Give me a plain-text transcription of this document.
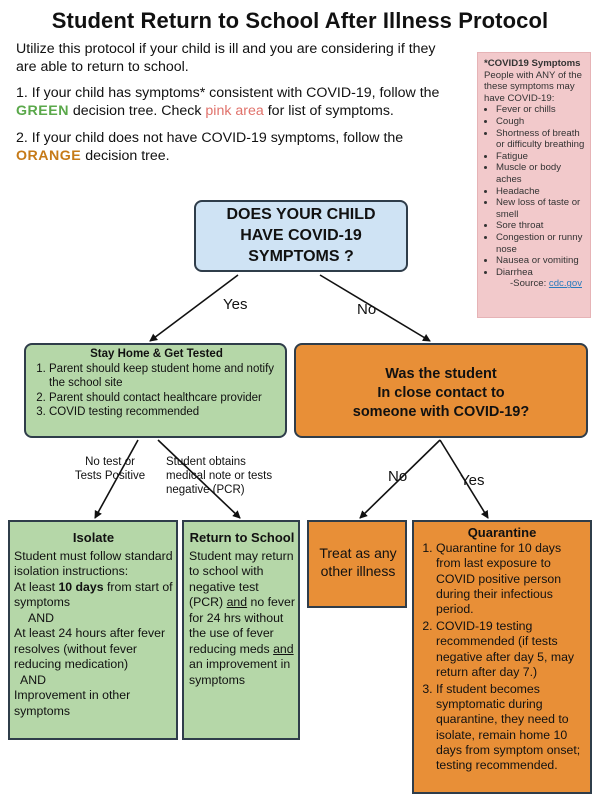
Student Return to School After Illness Protocol
Utilize this protocol if your child is ill and you are considering if they are able to return to school.
1. If your child has symptoms* consistent with COVID-19, follow the GREEN decision tree. Check pink area for list of symptoms.
2. If your child does not have COVID-19 symptoms, follow the ORANGE decision tree.
*COVID19 Symptoms
People with ANY of the these symptoms may have COVID-19:
• Fever or chills
• Cough
• Shortness of breath or difficulty breathing
• Fatigue
• Muscle or body aches
• Headache
• New loss of taste or smell
• Sore throat
• Congestion or runny nose
• Nausea or vomiting
• Diarrhea
-Source: cdc.gov
DOES YOUR CHILD
HAVE COVID-19
SYMPTOMS ?
Yes	No
Stay Home & Get Tested
1. Parent should keep student home and notify the school site
2. Parent should contact healthcare provider
3. COVID testing recommended
Was the student
In close contact to
someone with COVID-19?
No test or
Tests Positive
Student obtains
medical note or tests
negative (PCR)
No	Yes
Isolate
Student must follow standard isolation instructions:
At least 10 days from start of symptoms
AND
At least 24 hours after fever resolves (without fever reducing medication)
AND
Improvement in other symptoms
Return to School
Student may return to school with negative test (PCR) and no fever for 24 hrs without the use of fever reducing meds and an improvement in symptoms
Treat as any other illness
Quarantine
1. Quarantine for 10 days from last exposure to COVID positive person during their infectious period.
2. COVID-19 testing recommended (if tests negative after day 5, may return after day 7.)
3. If student becomes symptomatic during quarantine, they need to isolate, remain home 10 days from symptom onset; testing recommended.
